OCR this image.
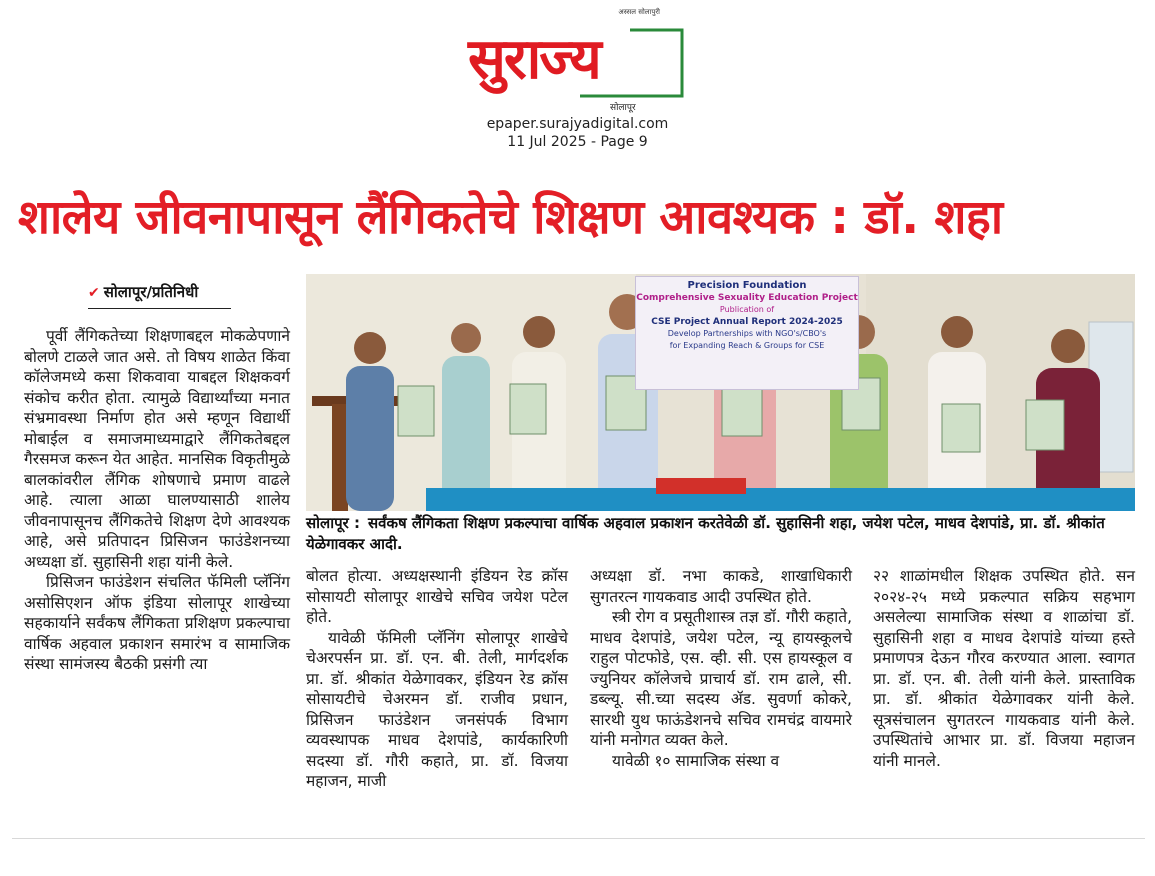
अस्सल सोलापुरी
सुराज्य
सोलापूर
epaper.surajyadigital.com
11 Jul 2025 - Page 9
शालेय जीवनापासून लैंगिकतेचे शिक्षण आवश्यक : डॉ. शहा
✔ सोलापूर/प्रतिनिधी

पूर्वी लैंगिकतेच्या शिक्षणाबद्दल मोकळेपणाने बोलणे टाळले जात असे. तो विषय शाळेत किंवा कॉलेजमध्ये कसा शिकवावा याबद्दल शिक्षकवर्ग संकोच करीत होता. त्यामुळे विद्यार्थ्यांच्या मनात संभ्रमावस्था निर्माण होत असे म्हणून विद्यार्थी मोबाईल व समाजमाध्यमाद्वारे लैंगिकतेबद्दल गैरसमज करून येत आहेत. मानसिक विकृतीमुळे बालकांवरील लैंगिक शोषणाचे प्रमाण वाढले आहे. त्याला आळा घालण्यासाठी शालेय जीवनापासूनच लैंगिकतेचे शिक्षण देणे आवश्यक आहे, असे प्रतिपादन प्रिसिजन फाउंडेशनच्या अध्यक्षा डॉ. सुहासिनी शहा यांनी केले.

प्रिसिजन फाउंडेशन संचलित फॅमिली प्लॅनिंग असोसिएशन ऑफ इंडिया सोलापूर शाखेच्या सहकार्याने सर्वंकष लैंगिकता प्रशिक्षण प्रकल्पाचा वार्षिक अहवाल प्रकाशन समारंभ व सामाजिक संस्था सामंजस्य बैठकी प्रसंगी त्या

Precision Foundation
Comprehensive Sexuality Education Project
Publication of
CSE Project Annual Report 2024-2025
Develop Partnerships with NGO's/CBO's
for Expanding Reach & Groups for CSE
सोलापूर : सर्वंकष लैंगिकता शिक्षण प्रकल्पाचा वार्षिक अहवाल प्रकाशन करतेवेळी डॉ. सुहासिनी शहा, जयेश पटेल, माधव देशपांडे, प्रा. डॉ. श्रीकांत येळेगावकर आदी.

बोलत होत्या. अध्यक्षस्थानी इंडियन रेड क्रॉस सोसायटी सोलापूर शाखेचे सचिव जयेश पटेल होते.

यावेळी फॅमिली प्लॅनिंग सोलापूर शाखेचे चेअरपर्सन प्रा. डॉ. एन. बी. तेली, मार्गदर्शक प्रा. डॉ. श्रीकांत येळेगावकर, इंडियन रेड क्रॉस सोसायटीचे चेअरमन डॉ. राजीव प्रधान, प्रिसिजन फाउंडेशन जनसंपर्क विभाग व्यवस्थापक माधव देशपांडे, कार्यकारिणी सदस्या डॉ. गौरी कहाते, प्रा. डॉ. विजया महाजन, माजी

अध्यक्षा डॉ. नभा काकडे, शाखाधिकारी सुगतरत्न गायकवाड आदी उपस्थित होते.

स्त्री रोग व प्रसूतीशास्त्र तज्ञ डॉ. गौरी कहाते, माधव देशपांडे, जयेश पटेल, न्यू हायस्कूलचे राहुल पोटफोडे, एस. व्ही. सी. एस हायस्कूल व ज्युनियर कॉलेजचे प्राचार्य डॉ. राम ढाले, सी. डब्ल्यू. सी.च्या सदस्य ॲड. सुवर्णा कोकरे, सारथी युथ फाऊंडेशनचे सचिव रामचंद्र वायमारे यांनी मनोगत व्यक्त केले.

यावेळी १० सामाजिक संस्था व

२२ शाळांमधील शिक्षक उपस्थित होते. सन २०२४-२५ मध्ये प्रकल्पात सक्रिय सहभाग असलेल्या सामाजिक संस्था व शाळांचा डॉ. सुहासिनी शहा व माधव देशपांडे यांच्या हस्ते प्रमाणपत्र देऊन गौरव करण्यात आला. स्वागत प्रा. डॉ. एन. बी. तेली यांनी केले. प्रास्ताविक प्रा. डॉ. श्रीकांत येळेगावकर यांनी केले. सूत्रसंचालन सुगतरत्न गायकवाड यांनी केले. उपस्थितांचे आभार प्रा. डॉ. विजया महाजन यांनी मानले.
